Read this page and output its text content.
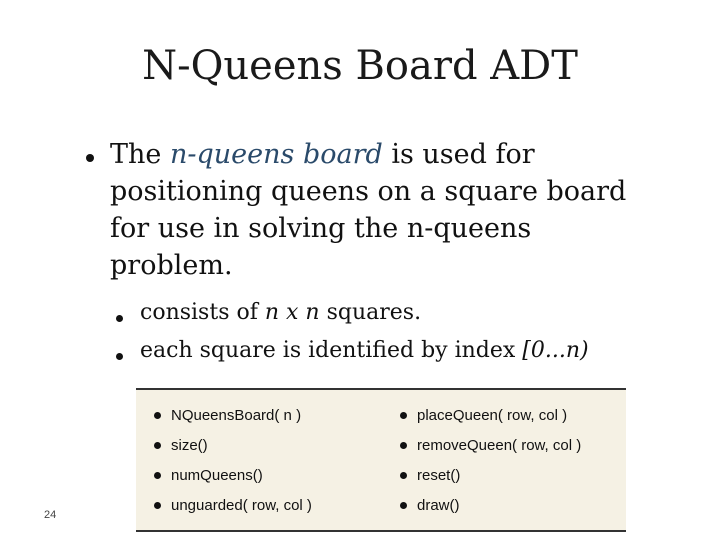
N-Queens Board ADT
The n-queens board is used for
positioning queens on a square board
for use in solving the n-queens
problem.
consists of n x n squares.
each square is identified by index [0...n)
NQueensBoard( n )
size()
numQueens()
unguarded( row, col )
placeQueen( row, col )
removeQueen( row, col )
reset()
draw()
24
